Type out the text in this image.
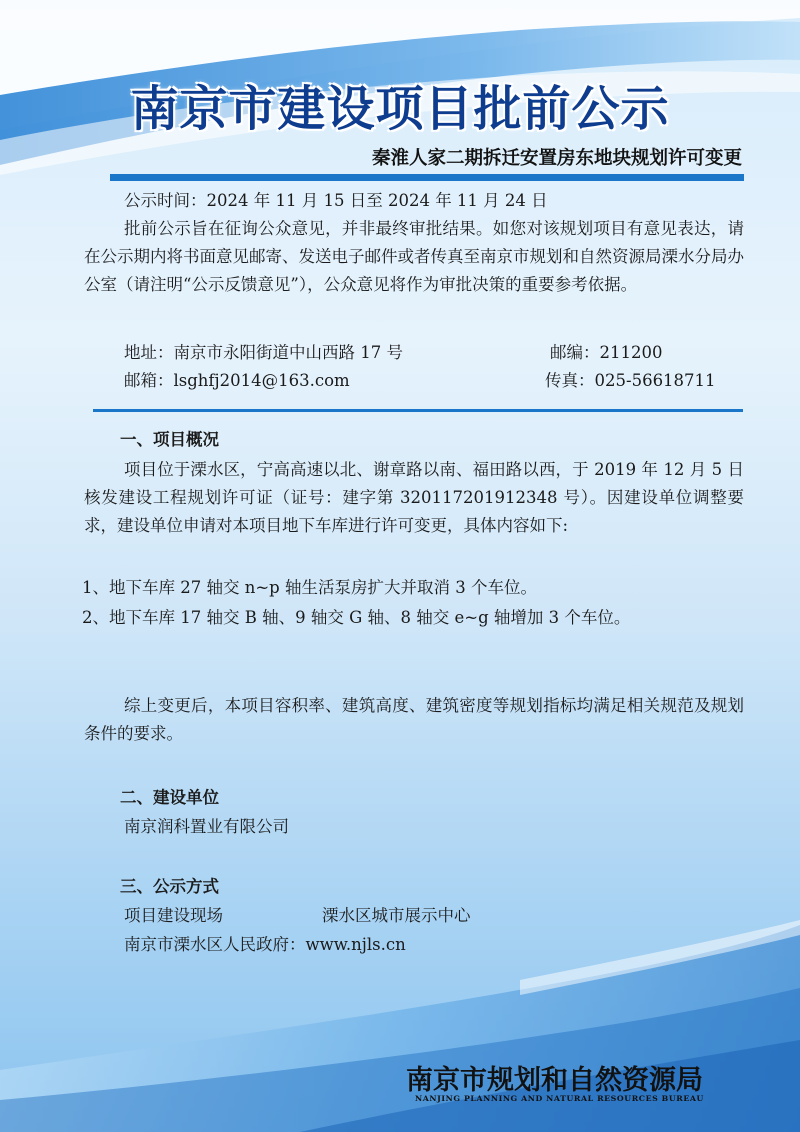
南京市建设项目批前公示

秦淮人家二期拆迁安置房东地块规划许可变更

公示时间：2024 年 11 月 15 日至 2024 年 11 月 24 日

批前公示旨在征询公众意见，并非最终审批结果。如您对该规划项目有意见表达，请在公示期内将书面意见邮寄、发送电子邮件或者传真至南京市规划和自然资源局溧水分局办公室（请注明“公示反馈意见”），公众意见将作为审批决策的重要参考依据。

地址：南京市永阳街道中山西路 17 号	邮编：211200

邮箱：lsghfj2014@163.com	传真：025-56618711

一、项目概况

项目位于溧水区，宁高高速以北、谢章路以南、福田路以西，于 2019 年 12 月 5 日核发建设工程规划许可证（证号：建字第 320117201912348 号）。因建设单位调整要求，建设单位申请对本项目地下车库进行许可变更，具体内容如下:

1、地下车库 27 轴交 n~p 轴生活泵房扩大并取消 3 个车位。

2、地下车库 17 轴交 B 轴、9 轴交 G 轴、8 轴交 e~g 轴增加 3 个车位。

综上变更后，本项目容积率、建筑高度、建筑密度等规划指标均满足相关规范及规划条件的要求。

二、建设单位

南京润科置业有限公司

三、公示方式

项目建设现场	溧水区城市展示中心

南京市溧水区人民政府：www.njls.cn

南京市规划和自然资源局

NANJING PLANNING AND NATURAL RESOURCES BUREAU
